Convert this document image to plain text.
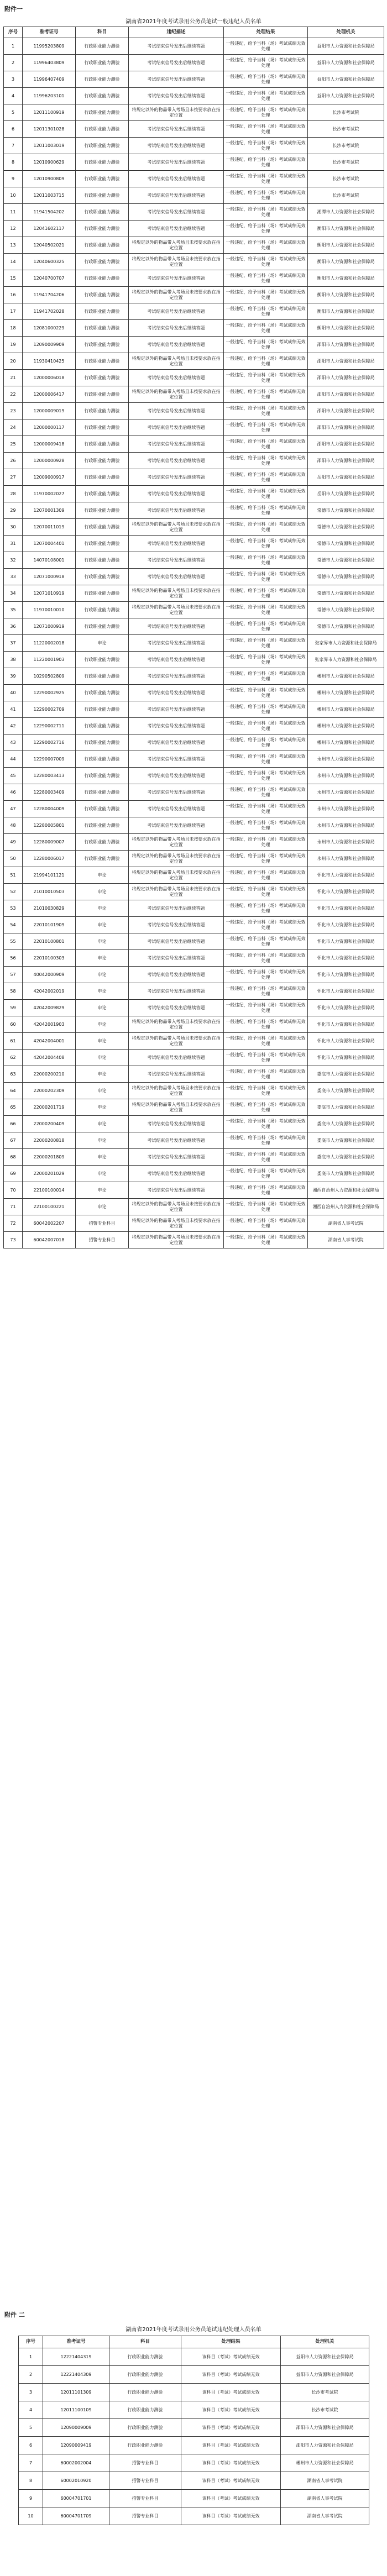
附件一
湖南省2021年度考试录用公务员笔试一般违纪人员名单
序号	准考证号	科目	违纪描述	处理结果	处理机关
1	11995203809	行政职业能力测验	考试结束信号发出后继续答题	一般违纪，给予当科（场）考试成绩无效处理	益阳市人力资源和社会保障局
2	11996403809	行政职业能力测验	考试结束信号发出后继续答题	一般违纪，给予当科（场）考试成绩无效处理	益阳市人力资源和社会保障局
3	11996407409	行政职业能力测验	考试结束信号发出后继续答题	一般违纪，给予当科（场）考试成绩无效处理	益阳市人力资源和社会保障局
4	11996203101	行政职业能力测验	考试结束信号发出后继续答题	一般违纪，给予当科（场）考试成绩无效处理	益阳市人力资源和社会保障局
5	12011100919	行政职业能力测验	将规定以外的物品带入考场且未按要求放在指定位置	一般违纪，给予当科（场）考试成绩无效处理	长沙市考试院
6	12011301028	行政职业能力测验	考试结束信号发出后继续答题	一般违纪，给予当科（场）考试成绩无效处理	长沙市考试院
7	12011003019	行政职业能力测验	考试结束信号发出后继续答题	一般违纪，给予当科（场）考试成绩无效处理	长沙市考试院
8	12010900629	行政职业能力测验	考试结束信号发出后继续答题	一般违纪，给予当科（场）考试成绩无效处理	长沙市考试院
9	12010900809	行政职业能力测验	考试结束信号发出后继续答题	一般违纪，给予当科（场）考试成绩无效处理	长沙市考试院
10	12011003715	行政职业能力测验	考试结束信号发出后继续答题	一般违纪，给予当科（场）考试成绩无效处理	长沙市考试院
11	11941504202	行政职业能力测验	考试结束信号发出后继续答题	一般违纪，给予当科（场）考试成绩无效处理	湘潭市人力资源和社会保障局
12	12041602117	行政职业能力测验	考试结束信号发出后继续答题	一般违纪，给予当科（场）考试成绩无效处理	衡阳市人力资源和社会保障局
13	12040502021	行政职业能力测验	将规定以外的物品带入考场且未按要求放在指定位置	一般违纪，给予当科（场）考试成绩无效处理	衡阳市人力资源和社会保障局
14	12040600325	行政职业能力测验	将规定以外的物品带入考场且未按要求放在指定位置	一般违纪，给予当科（场）考试成绩无效处理	衡阳市人力资源和社会保障局
15	12040700707	行政职业能力测验	考试结束信号发出后继续答题	一般违纪，给予当科（场）考试成绩无效处理	衡阳市人力资源和社会保障局
16	11941704206	行政职业能力测验	将规定以外的物品带入考场且未按要求放在指定位置	一般违纪，给予当科（场）考试成绩无效处理	衡阳市人力资源和社会保障局
17	11941702028	行政职业能力测验	考试结束信号发出后继续答题	一般违纪，给予当科（场）考试成绩无效处理	衡阳市人力资源和社会保障局
18	12081000229	行政职业能力测验	考试结束信号发出后继续答题	一般违纪，给予当科（场）考试成绩无效处理	衡阳市人力资源和社会保障局
19	12090009909	行政职业能力测验	考试结束信号发出后继续答题	一般违纪，给予当科（场）考试成绩无效处理	邵阳市人力资源和社会保障局
20	11930410425	行政职业能力测验	将规定以外的物品带入考场且未按要求放在指定位置	一般违纪，给予当科（场）考试成绩无效处理	邵阳市人力资源和社会保障局
21	12000006018	行政职业能力测验	考试结束信号发出后继续答题	一般违纪，给予当科（场）考试成绩无效处理	邵阳市人力资源和社会保障局
22	12000006417	行政职业能力测验	将规定以外的物品带入考场且未按要求放在指定位置	一般违纪，给予当科（场）考试成绩无效处理	邵阳市人力资源和社会保障局
23	12000009019	行政职业能力测验	考试结束信号发出后继续答题	一般违纪，给予当科（场）考试成绩无效处理	邵阳市人力资源和社会保障局
24	12000000117	行政职业能力测验	考试结束信号发出后继续答题	一般违纪，给予当科（场）考试成绩无效处理	邵阳市人力资源和社会保障局
25	12000009418	行政职业能力测验	考试结束信号发出后继续答题	一般违纪，给予当科（场）考试成绩无效处理	邵阳市人力资源和社会保障局
26	12000000928	行政职业能力测验	考试结束信号发出后继续答题	一般违纪，给予当科（场）考试成绩无效处理	邵阳市人力资源和社会保障局
27	12009000917	行政职业能力测验	考试结束信号发出后继续答题	一般违纪，给予当科（场）考试成绩无效处理	岳阳市人力资源和社会保障局
28	11970002027	行政职业能力测验	考试结束信号发出后继续答题	一般违纪，给予当科（场）考试成绩无效处理	岳阳市人力资源和社会保障局
29	12070001309	行政职业能力测验	考试结束信号发出后继续答题	一般违纪，给予当科（场）考试成绩无效处理	常德市人力资源和社会保障局
30	12070011019	行政职业能力测验	将规定以外的物品带入考场且未按要求放在指定位置	一般违纪，给予当科（场）考试成绩无效处理	常德市人力资源和社会保障局
31	12070004401	行政职业能力测验	考试结束信号发出后继续答题	一般违纪，给予当科（场）考试成绩无效处理	常德市人力资源和社会保障局
32	14070108001	行政职业能力测验	考试结束信号发出后继续答题	一般违纪，给予当科（场）考试成绩无效处理	常德市人力资源和社会保障局
33	12071000918	行政职业能力测验	考试结束信号发出后继续答题	一般违纪，给予当科（场）考试成绩无效处理	常德市人力资源和社会保障局
34	12071010919	行政职业能力测验	将规定以外的物品带入考场且未按要求放在指定位置	一般违纪，给予当科（场）考试成绩无效处理	常德市人力资源和社会保障局
35	11970010010	行政职业能力测验	将规定以外的物品带入考场且未按要求放在指定位置	一般违纪，给予当科（场）考试成绩无效处理	常德市人力资源和社会保障局
36	12071000919	行政职业能力测验	考试结束信号发出后继续答题	一般违纪，给予当科（场）考试成绩无效处理	常德市人力资源和社会保障局
37	11220002018	申论	考试结束信号发出后继续答题	一般违纪，给予当科（场）考试成绩无效处理	张家界市人力资源和社会保障局
38	11220001903	行政职业能力测验	考试结束信号发出后继续答题	一般违纪，给予当科（场）考试成绩无效处理	张家界市人力资源和社会保障局
39	10290502809	行政职业能力测验	考试结束信号发出后继续答题	一般违纪，给予当科（场）考试成绩无效处理	郴州市人力资源和社会保障局
40	12290002925	行政职业能力测验	考试结束信号发出后继续答题	一般违纪，给予当科（场）考试成绩无效处理	郴州市人力资源和社会保障局
41	12290002709	行政职业能力测验	考试结束信号发出后继续答题	一般违纪，给予当科（场）考试成绩无效处理	郴州市人力资源和社会保障局
42	12290002711	行政职业能力测验	考试结束信号发出后继续答题	一般违纪，给予当科（场）考试成绩无效处理	郴州市人力资源和社会保障局
43	12290002716	行政职业能力测验	考试结束信号发出后继续答题	一般违纪，给予当科（场）考试成绩无效处理	郴州市人力资源和社会保障局
44	12290007009	行政职业能力测验	考试结束信号发出后继续答题	一般违纪，给予当科（场）考试成绩无效处理	永州市人力资源和社会保障局
45	12280003413	行政职业能力测验	考试结束信号发出后继续答题	一般违纪，给予当科（场）考试成绩无效处理	永州市人力资源和社会保障局
46	12280003409	行政职业能力测验	考试结束信号发出后继续答题	一般违纪，给予当科（场）考试成绩无效处理	永州市人力资源和社会保障局
47	12280004009	行政职业能力测验	考试结束信号发出后继续答题	一般违纪，给予当科（场）考试成绩无效处理	永州市人力资源和社会保障局
48	12280005801	行政职业能力测验	考试结束信号发出后继续答题	一般违纪，给予当科（场）考试成绩无效处理	永州市人力资源和社会保障局
49	12280009007	行政职业能力测验	将规定以外的物品带入考场且未按要求放在指定位置	一般违纪，给予当科（场）考试成绩无效处理	永州市人力资源和社会保障局
50	12280006017	行政职业能力测验	将规定以外的物品带入考场且未按要求放在指定位置	一般违纪，给予当科（场）考试成绩无效处理	永州市人力资源和社会保障局
51	21994101121	申论	将规定以外的物品带入考场且未按要求放在指定位置	一般违纪，给予当科（场）考试成绩无效处理	怀化市人力资源和社会保障局
52	21010010503	申论	将规定以外的物品带入考场且未按要求放在指定位置	一般违纪，给予当科（场）考试成绩无效处理	怀化市人力资源和社会保障局
53	21010030829	申论	考试结束信号发出后继续答题	一般违纪，给予当科（场）考试成绩无效处理	怀化市人力资源和社会保障局
54	22010101909	申论	考试结束信号发出后继续答题	一般违纪，给予当科（场）考试成绩无效处理	怀化市人力资源和社会保障局
55	22010100801	申论	考试结束信号发出后继续答题	一般违纪，给予当科（场）考试成绩无效处理	怀化市人力资源和社会保障局
56	22010100303	申论	考试结束信号发出后继续答题	一般违纪，给予当科（场）考试成绩无效处理	怀化市人力资源和社会保障局
57	40042000909	申论	考试结束信号发出后继续答题	一般违纪，给予当科（场）考试成绩无效处理	怀化市人力资源和社会保障局
58	42042002019	申论	考试结束信号发出后继续答题	一般违纪，给予当科（场）考试成绩无效处理	怀化市人力资源和社会保障局
59	42042009829	申论	考试结束信号发出后继续答题	一般违纪，给予当科（场）考试成绩无效处理	怀化市人力资源和社会保障局
60	42042001903	申论	将规定以外的物品带入考场且未按要求放在指定位置	一般违纪，给予当科（场）考试成绩无效处理	怀化市人力资源和社会保障局
61	42042004001	申论	将规定以外的物品带入考场且未按要求放在指定位置	一般违纪，给予当科（场）考试成绩无效处理	怀化市人力资源和社会保障局
62	42042004408	申论	考试结束信号发出后继续答题	一般违纪，给予当科（场）考试成绩无效处理	怀化市人力资源和社会保障局
63	22000200210	申论	考试结束信号发出后继续答题	一般违纪，给予当科（场）考试成绩无效处理	娄底市人力资源和社会保障局
64	22000202309	申论	将规定以外的物品带入考场且未按要求放在指定位置	一般违纪，给予当科（场）考试成绩无效处理	娄底市人力资源和社会保障局
65	22000201719	申论	将规定以外的物品带入考场且未按要求放在指定位置	一般违纪，给予当科（场）考试成绩无效处理	娄底市人力资源和社会保障局
66	22000200409	申论	考试结束信号发出后继续答题	一般违纪，给予当科（场）考试成绩无效处理	娄底市人力资源和社会保障局
67	22000200818	申论	考试结束信号发出后继续答题	一般违纪，给予当科（场）考试成绩无效处理	娄底市人力资源和社会保障局
68	22000201809	申论	考试结束信号发出后继续答题	一般违纪，给予当科（场）考试成绩无效处理	娄底市人力资源和社会保障局
69	22000201029	申论	考试结束信号发出后继续答题	一般违纪，给予当科（场）考试成绩无效处理	娄底市人力资源和社会保障局
70	22100100014	申论	考试结束信号发出后继续答题	一般违纪，给予当科（场）考试成绩无效处理	湘西自治州人力资源和社会保障局
71	22100100221	申论	将规定以外的物品带入考场且未按要求放在指定位置	一般违纪，给予当科（场）考试成绩无效处理	湘西自治州人力资源和社会保障局
72	60042002207	招警专业科目	将规定以外的物品带入考场且未按要求放在指定位置	一般违纪，给予当科（场）考试成绩无效处理	湖南省人事考试院
73	60042007018	招警专业科目	将规定以外的物品带入考场且未按要求放在指定位置	一般违纪，给予当科（场）考试成绩无效处理	湖南省人事考试院
附件 二
湖南省2021年度考试录用公务员笔试违纪处理人员名单
序号	准考证号	科目	处理结果	处理机关
1	12221404319	行政职业能力测验	该科目（考试）考试成绩无效	益阳市人力资源和社会保障局
2	12221404309	行政职业能力测验	该科目（考试）考试成绩无效	益阳市人力资源和社会保障局
3	12011101309	行政职业能力测验	该科目（考试）考试成绩无效	长沙市考试院
4	12011100109	行政职业能力测验	该科目（考试）考试成绩无效	长沙市考试院
5	12090009009	行政职业能力测验	该科目（考试）考试成绩无效	邵阳市人力资源和社会保障局
6	12090009419	行政职业能力测验	该科目（考试）考试成绩无效	邵阳市人力资源和社会保障局
7	60002002004	招警专业科目	该科目（考试）考试成绩无效	郴州市人力资源和社会保障局
8	60002010920	招警专业科目	该科目（考试）考试成绩无效	湖南省人事考试院
9	60004701701	招警专业科目	该科目（考试）考试成绩无效	湖南省人事考试院
10	60004701709	招警专业科目	该科目（考试）考试成绩无效	湖南省人事考试院
